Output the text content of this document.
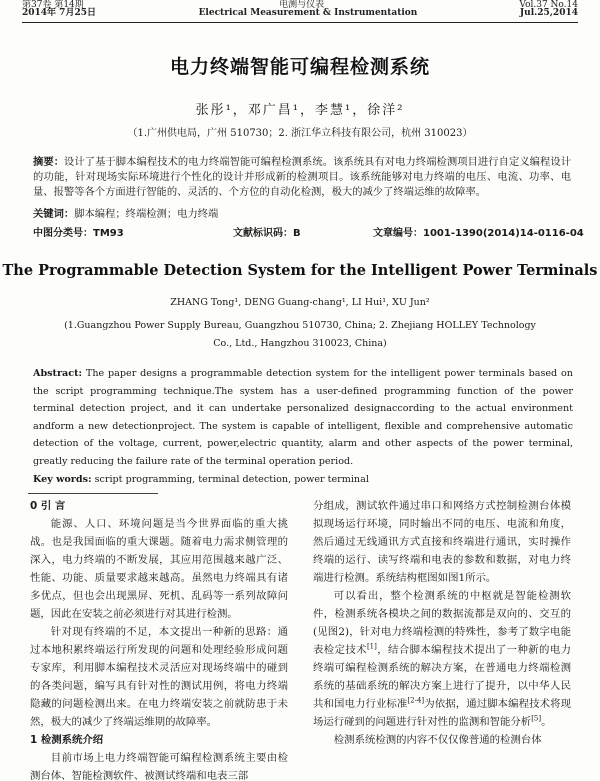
第37卷 第14期	电测与仪表	Vol.37 No.14
2014年 7月25日	Electrical Measurement & Instrumentation	Jul.25,2014
电力终端智能可编程检测系统
张彤¹，邓广昌¹，李慧¹，徐洋²
（1.广州供电局，广州 510730；2. 浙江华立科技有限公司，杭州 310023）
摘要：设计了基于脚本编程技术的电力终端智能可编程检测系统。该系统具有对电力终端检测项目进行自定义编程设计的功能，针对现场实际环境进行个性化的设计并形成新的检测项目。该系统能够对电力终端的电压、电流、功率、电量、报警等各个方面进行智能的、灵活的、个方位的自动化检测，极大的减少了终端运维的故障率。
关键词：脚本编程；终端检测；电力终端
中图分类号：TM93	文献标识码：B	文章编号：1001-1390(2014)14-0116-04
The Programmable Detection System for the Intelligent Power Terminals
ZHANG Tong¹, DENG Guang-chang¹, LI Hui¹, XU Jun²
(1.Guangzhou Power Supply Bureau, Guangzhou 510730, China; 2. Zhejiang HOLLEY Technology Co., Ltd., Hangzhou 310023, China)
Abstract: The paper designs a programmable detection system for the intelligent power terminals based on the script programming technique.The system has a user-defined programming function of the power terminal detection project, and it can undertake personalized designaccording to the actual environment andform a new detectionproject. The system is capable of intelligent, flexible and comprehensive automatic detection of the voltage, current, power,electric quantity, alarm and other aspects of the power terminal, greatly reducing the failure rate of the terminal operation period.
Key words: script programming, terminal detection, power terminal
0 引 言
能源、人口、环境问题是当今世界面临的重大挑战。也是我国面临的重大课题。随着电力需求侧管理的深入，电力终端的不断发展，其应用范围越来越广泛、性能、功能、质量要求越来越高。虽然电力终端具有诸多优点，但也会出现黑屏、死机、乱码等一系列故障问题，因此在安装之前必须进行对其进行检测。
针对现有终端的不足，本文提出一种新的思路：通过本地积累终端运行所发现的问题和处理经验形成问题专家库，利用脚本编程技术灵活应对现场终端中的碰到的各类问题，编写具有针对性的测试用例，将电力终端隐藏的问题检测出来。在电力终端安装之前就防患于未然，极大的减少了终端运维期的故障率。
1 检测系统介绍
目前市场上电力终端智能可编程检测系统主要由检测台体、智能检测软件、被测试终端和电表三部
分组成，测试软件通过串口和网络方式控制检测台体模拟现场运行环境，同时输出不同的电压、电流和角度，然后通过无线通讯方式直接和终端进行通讯，实时操作终端的运行、读写终端和电表的参数和数据，对电力终端进行检测。系统结构框图如图1所示。
可以看出，整个检测系统的中枢就是智能检测软件，检测系统各模块之间的数据流都是双向的、交互的(见图2)，针对电力终端检测的特殊性，参考了数字电能表检定技术[1]，结合脚本编程技术提出了一种新的电力终端可编程检测系统的解决方案，在普通电力终端检测系统的基础系统的解决方案上进行了提升，以中华人民共和国电力行业标准[2-4]为依据，通过脚本编程技术将现场运行碰到的问题进行针对性的监测和智能分析[5]。
检测系统检测的内容不仅仅像普通的检测台体
